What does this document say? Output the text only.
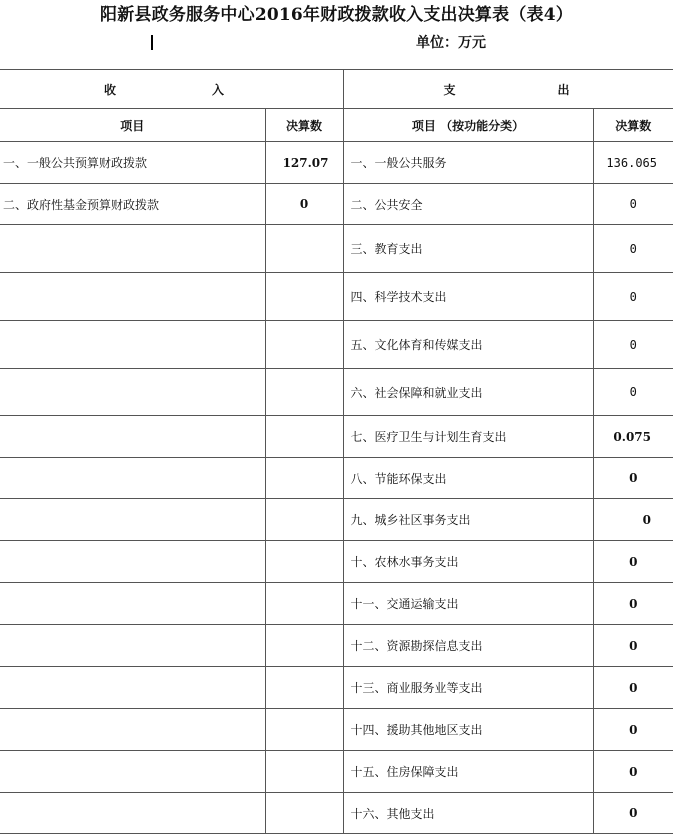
阳新县政务服务中心2016年财政拨款收入支出决算表（表4）
单位：万元
收 入		支 出	
项目	决算数	项目 （按功能分类）	决算数
一、一般公共预算财政拨款	127.07	一、一般公共服务	136.065
二、政府性基金预算财政拨款	0	二、公共安全	0
		三、教育支出	0
		四、科学技术支出	0
		五、文化体育和传媒支出	0
		六、社会保障和就业支出	0
		七、医疗卫生与计划生育支出	0.075
		八、节能环保支出	0
		九、城乡社区事务支出	0
		十、农林水事务支出	0
		十一、交通运输支出	0
		十二、资源勘探信息支出	0
		十三、商业服务业等支出	0
		十四、援助其他地区支出	0
		十五、住房保障支出	0
		十六、其他支出	0
